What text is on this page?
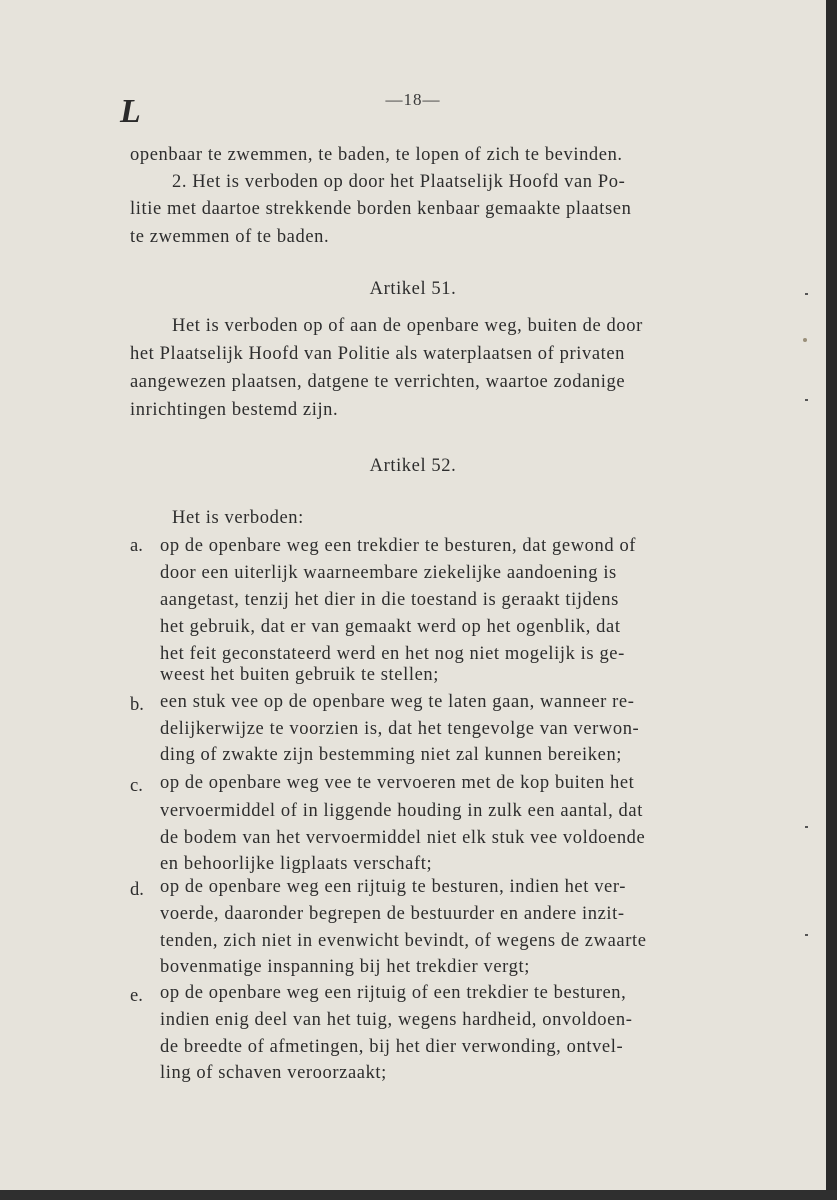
L	—18—
openbaar te zwemmen, te baden, te lopen of zich te bevinden.
2. Het is verboden op door het Plaatselijk Hoofd van Po-
litie met daartoe strekkende borden kenbaar gemaakte plaatsen
te zwemmen of te baden.
Artikel 51.
Het is verboden op of aan de openbare weg, buiten de door
het Plaatselijk Hoofd van Politie als waterplaatsen of privaten
aangewezen plaatsen, datgene te verrichten, waartoe zodanige
inrichtingen bestemd zijn.
Artikel 52.
Het is verboden:
a. op de openbare weg een trekdier te besturen, dat gewond of
door een uiterlijk waarneembare ziekelijke aandoening is
aangetast, tenzij het dier in die toestand is geraakt tijdens
het gebruik, dat er van gemaakt werd op het ogenblik, dat
het feit geconstateerd werd en het nog niet mogelijk is ge-
weest het buiten gebruik te stellen;
b. een stuk vee op de openbare weg te laten gaan, wanneer re-
delijkerwijze te voorzien is, dat het tengevolge van verwon-
ding of zwakte zijn bestemming niet zal kunnen bereiken;
c. op de openbare weg vee te vervoeren met de kop buiten het
vervoermiddel of in liggende houding in zulk een aantal, dat
de bodem van het vervoermiddel niet elk stuk vee voldoende
en behoorlijke ligplaats verschaft;
d. op de openbare weg een rijtuig te besturen, indien het ver-
voerde, daaronder begrepen de bestuurder en andere inzit-
tenden, zich niet in evenwicht bevindt, of wegens de zwaarte
bovenmatige inspanning bij het trekdier vergt;
e. op de openbare weg een rijtuig of een trekdier te besturen,
indien enig deel van het tuig, wegens hardheid, onvoldoen-
de breedte of afmetingen, bij het dier verwonding, ontvel-
ling of schaven veroorzaakt;
